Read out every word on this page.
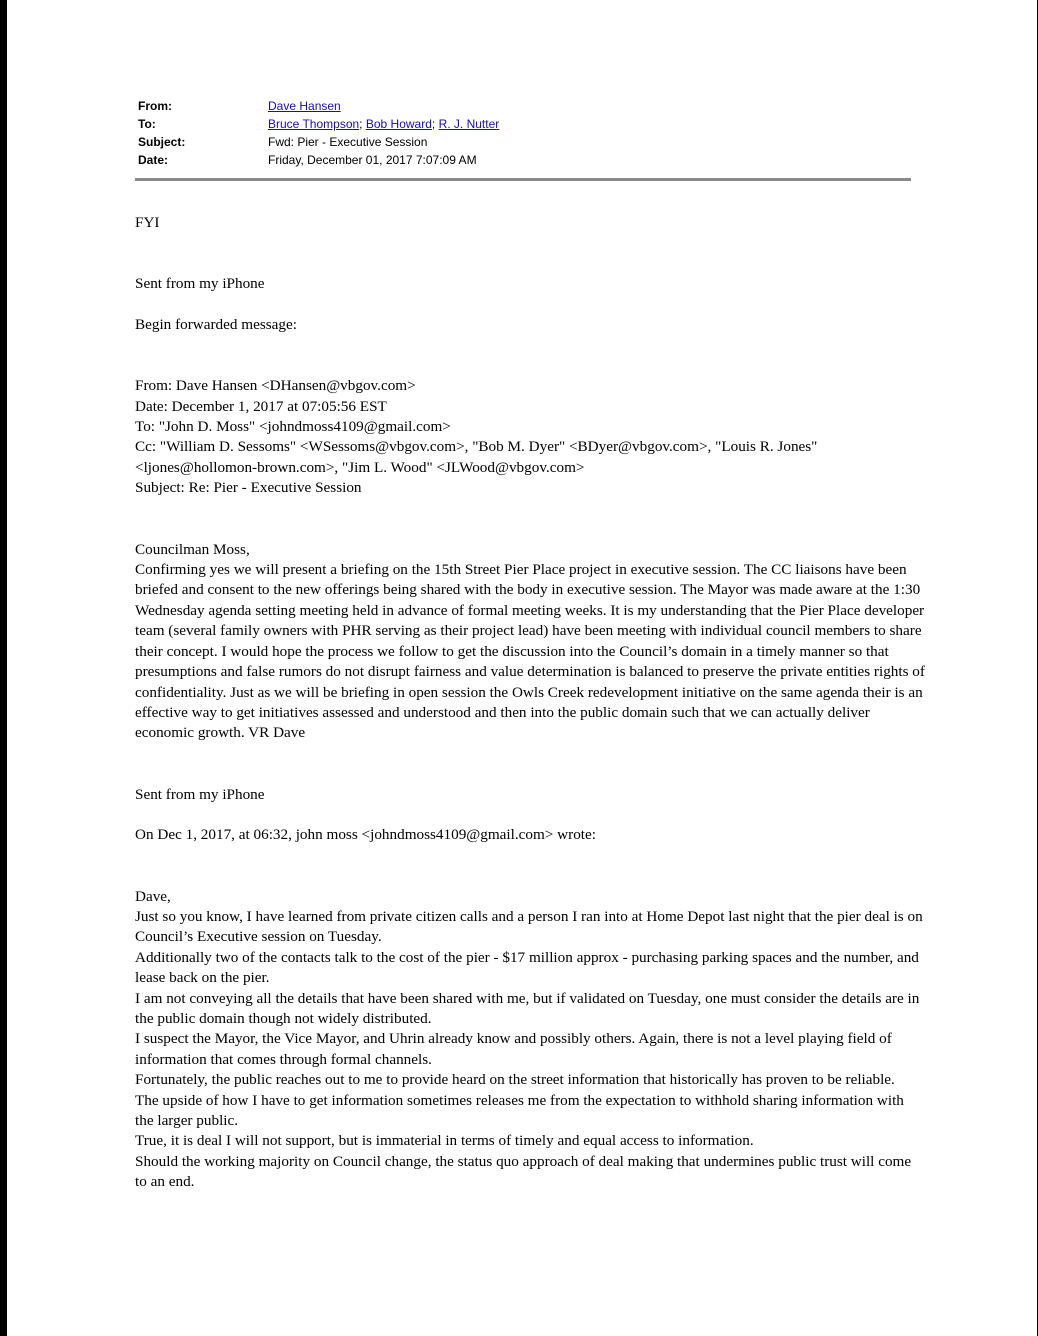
From:	Dave Hansen
To:	Bruce Thompson; Bob Howard; R. J. Nutter
Subject:	Fwd: Pier - Executive Session
Date:	Friday, December 01, 2017 7:07:09 AM

FYI

Sent from my iPhone

Begin forwarded message:

From: Dave Hansen <DHansen@vbgov.com>

Date: December 1, 2017 at 07:05:56 EST

To: "John D. Moss" <johndmoss4109@gmail.com>

Cc: "William D. Sessoms" <WSessoms@vbgov.com>, "Bob M. Dyer" <BDyer@vbgov.com>, "Louis R. Jones" <ljones@hollomon-brown.com>, "Jim L. Wood" <JLWood@vbgov.com>

Subject: Re: Pier - Executive Session

Councilman Moss,

Confirming yes we will present a briefing on the 15th Street Pier Place project in executive session. The CC liaisons have been briefed and consent to the new offerings being shared with the body in executive session. The Mayor was made aware at the 1:30 Wednesday agenda setting meeting held in advance of formal meeting weeks. It is my understanding that the Pier Place developer team (several family owners with PHR serving as their project lead) have been meeting with individual council members to share their concept. I would hope the process we follow to get the discussion into the Council’s domain in a timely manner so that presumptions and false rumors do not disrupt fairness and value determination is balanced to preserve the private entities rights of confidentiality. Just as we will be briefing in open session the Owls Creek redevelopment initiative on the same agenda their is an effective way to get initiatives assessed and understood and then into the public domain such that we can actually deliver economic growth. VR Dave

Sent from my iPhone

On Dec 1, 2017, at 06:32, john moss <johndmoss4109@gmail.com> wrote:

Dave,

Just so you know, I have learned from private citizen calls and a person I ran into at Home Depot last night that the pier deal is on Council’s Executive session on Tuesday.

Additionally two of the contacts talk to the cost of the pier - $17 million approx - purchasing parking spaces and the number, and lease back on the pier.

I am not conveying all the details that have been shared with me, but if validated on Tuesday, one must consider the details are in the public domain though not widely distributed.

I suspect the Mayor, the Vice Mayor, and Uhrin already know and possibly others. Again, there is not a level playing field of information that comes through formal channels.

Fortunately, the public reaches out to me to provide heard on the street information that historically has proven to be reliable.

The upside of how I have to get information sometimes releases me from the expectation to withhold sharing information with the larger public.

True, it is deal I will not support, but is immaterial in terms of timely and equal access to information.

Should the working majority on Council change, the status quo approach of deal making that undermines public trust will come to an end.
